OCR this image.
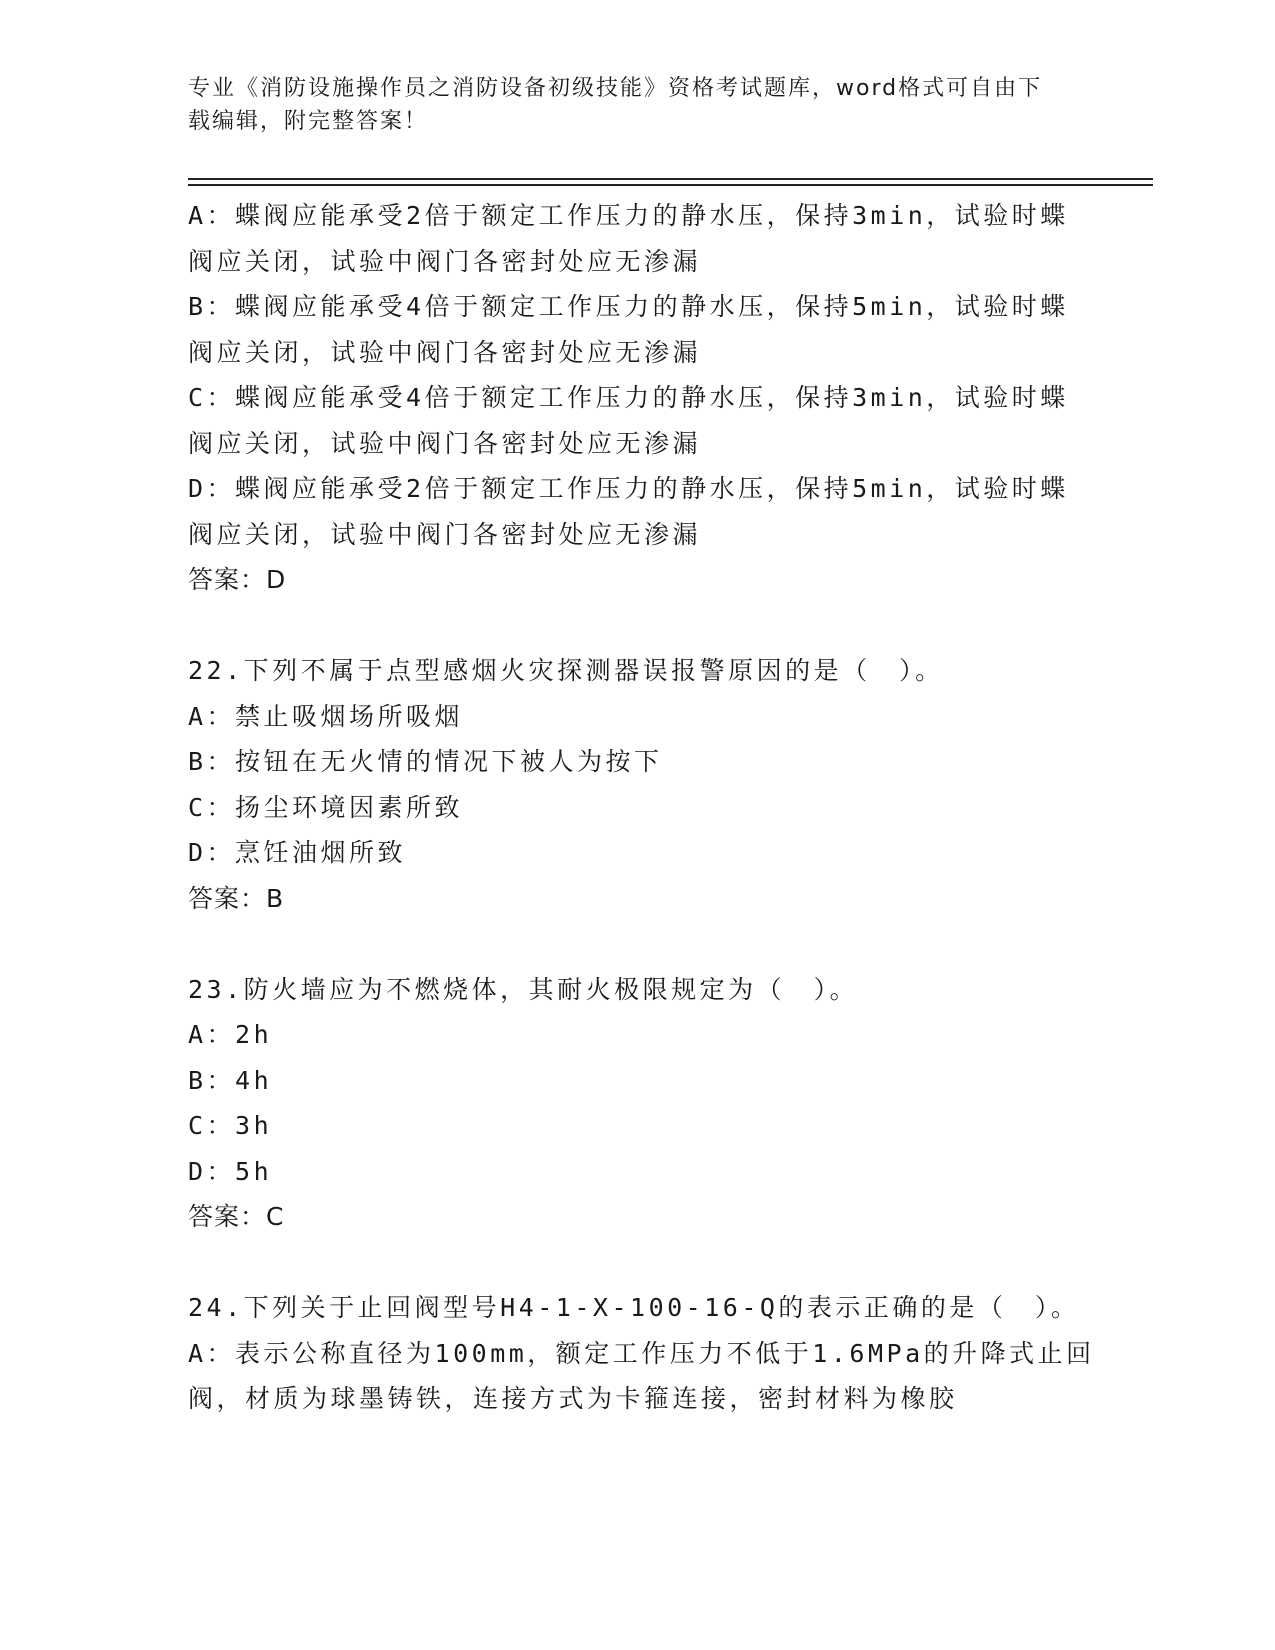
专业《消防设施操作员之消防设备初级技能》资格考试题库，word格式可自由下
载编辑，附完整答案！
A：蝶阀应能承受2倍于额定工作压力的静水压，保持3min，试验时蝶
阀应关闭，试验中阀门各密封处应无渗漏
B：蝶阀应能承受4倍于额定工作压力的静水压，保持5min，试验时蝶
阀应关闭，试验中阀门各密封处应无渗漏
C：蝶阀应能承受4倍于额定工作压力的静水压，保持3min，试验时蝶
阀应关闭，试验中阀门各密封处应无渗漏
D：蝶阀应能承受2倍于额定工作压力的静水压，保持5min，试验时蝶
阀应关闭，试验中阀门各密封处应无渗漏
答案：D
22.下列不属于点型感烟火灾探测器误报警原因的是（　）。
A：禁止吸烟场所吸烟
B：按钮在无火情的情况下被人为按下
C：扬尘环境因素所致
D：烹饪油烟所致
答案：B
23.防火墙应为不燃烧体，其耐火极限规定为（　）。
A：2h
B：4h
C：3h
D：5h
答案：C
24.下列关于止回阀型号H4-1-X-100-16-Q的表示正确的是（　）。
A：表示公称直径为100mm，额定工作压力不低于1.6MPa的升降式止回
阀，材质为球墨铸铁，连接方式为卡箍连接，密封材料为橡胶
